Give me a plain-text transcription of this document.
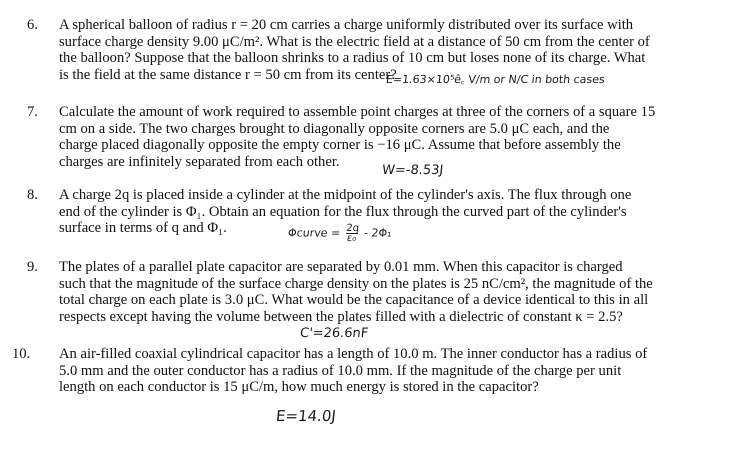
6.	A spherical balloon of radius r = 20 cm carries a charge uniformly distributed over its surface with
surface charge density 9.00 μC/m². What is the electric field at a distance of 50 cm from the center of
the balloon? Suppose that the balloon shrinks to a radius of 10 cm but loses none of its charge. What
is the field at the same distance r = 50 cm from its center?
E=1.63×10⁵ê꜀ V/m or N/C in both cases
7.	Calculate the amount of work required to assemble point charges at three of the corners of a square 15
cm on a side. The two charges brought to diagonally opposite corners are 5.0 μC each, and the
charge placed diagonally opposite the empty corner is −16 μC. Assume that before assembly the
charges are infinitely separated from each other.
W=-8.53J
8.	A charge 2q is placed inside a cylinder at the midpoint of the cylinder's axis. The flux through one
end of the cylinder is Φ₁. Obtain an equation for the flux through the curved part of the cylinder's
surface in terms of q and Φ₁.	Φcurve = $\frac{2q}{\text{ε₀}} - 2\Phi_1$
9.	The plates of a parallel plate capacitor are separated by 0.01 mm. When this capacitor is charged
such that the magnitude of the surface charge density on the plates is 25 nC/cm², the magnitude of the
total charge on each plate is 3.0 μC. What would be the capacitance of a device identical to this in all
respects except having the volume between the plates filled with a dielectric of constant κ = 2.5?
C'=26.6nF
10.	An air-filled coaxial cylindrical capacitor has a length of 10.0 m. The inner conductor has a radius of
5.0 mm and the outer conductor has a radius of 10.0 mm. If the magnitude of the charge per unit
length on each conductor is 15 μC/m, how much energy is stored in the capacitor?
E=14.0J
